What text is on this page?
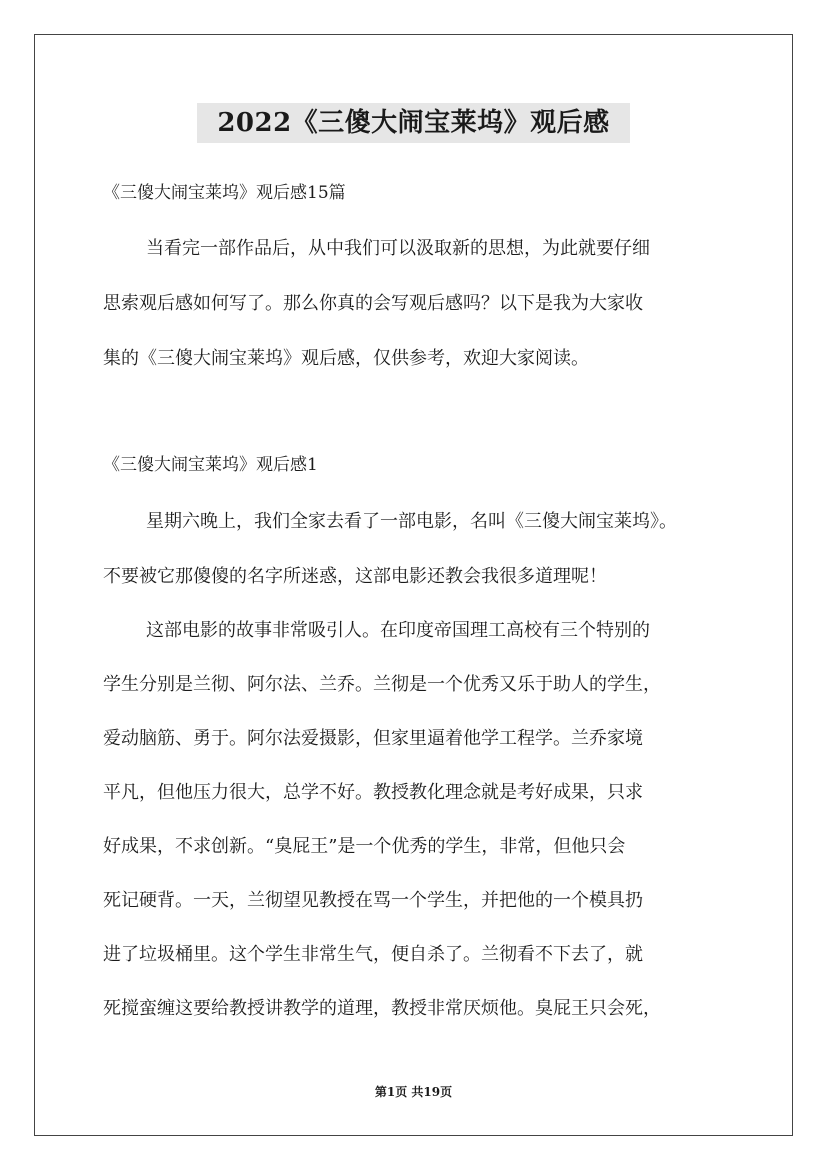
2022《三傻大闹宝莱坞》观后感
《三傻大闹宝莱坞》观后感15篇
当看完一部作品后，从中我们可以汲取新的思想，为此就要仔细
思索观后感如何写了。那么你真的会写观后感吗？以下是我为大家收
集的《三傻大闹宝莱坞》观后感，仅供参考，欢迎大家阅读。
《三傻大闹宝莱坞》观后感1
星期六晚上，我们全家去看了一部电影，名叫《三傻大闹宝莱坞》。
不要被它那傻傻的名字所迷惑，这部电影还教会我很多道理呢！
这部电影的故事非常吸引人。在印度帝国理工高校有三个特别的
学生分别是兰彻、阿尔法、兰乔。兰彻是一个优秀又乐于助人的学生，
爱动脑筋、勇于。阿尔法爱摄影，但家里逼着他学工程学。兰乔家境
平凡，但他压力很大，总学不好。教授教化理念就是考好成果，只求
好成果，不求创新。“臭屁王”是一个优秀的学生，非常，但他只会
死记硬背。一天，兰彻望见教授在骂一个学生，并把他的一个模具扔
进了垃圾桶里。这个学生非常生气，便自杀了。兰彻看不下去了，就
死搅蛮缠这要给教授讲教学的道理，教授非常厌烦他。臭屁王只会死，
第1页 共19页
